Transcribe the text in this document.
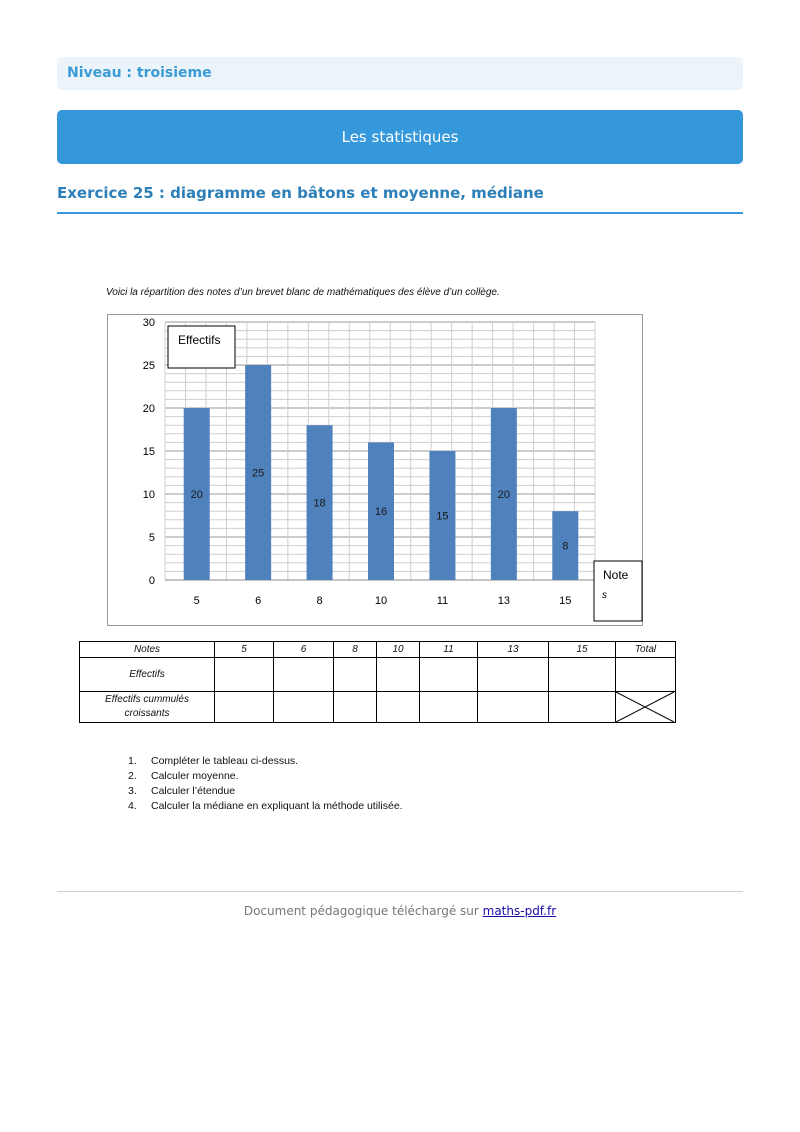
Niveau : troisieme
Les statistiques
Exercice 25 : diagramme en bâtons et moyenne, médiane
Voici la répartition des notes d’un brevet blanc de mathématiques des élève d’un collège.
0
5
10
15
20
25
30
20
25
18
16	15
20
8
5	6	8	10	11	13	15
Effectifs
Note
s
Notes	5	6	8	10	11	13	15	Total
Effectifs								
Effectifs cummulés
croissants								
1. Compléter le tableau ci-dessus.
2. Calculer moyenne.
3. Calculer l’étendue
4. Calculer la médiane en expliquant la méthode utilisée.
Document pédagogique téléchargé sur maths-pdf.fr
